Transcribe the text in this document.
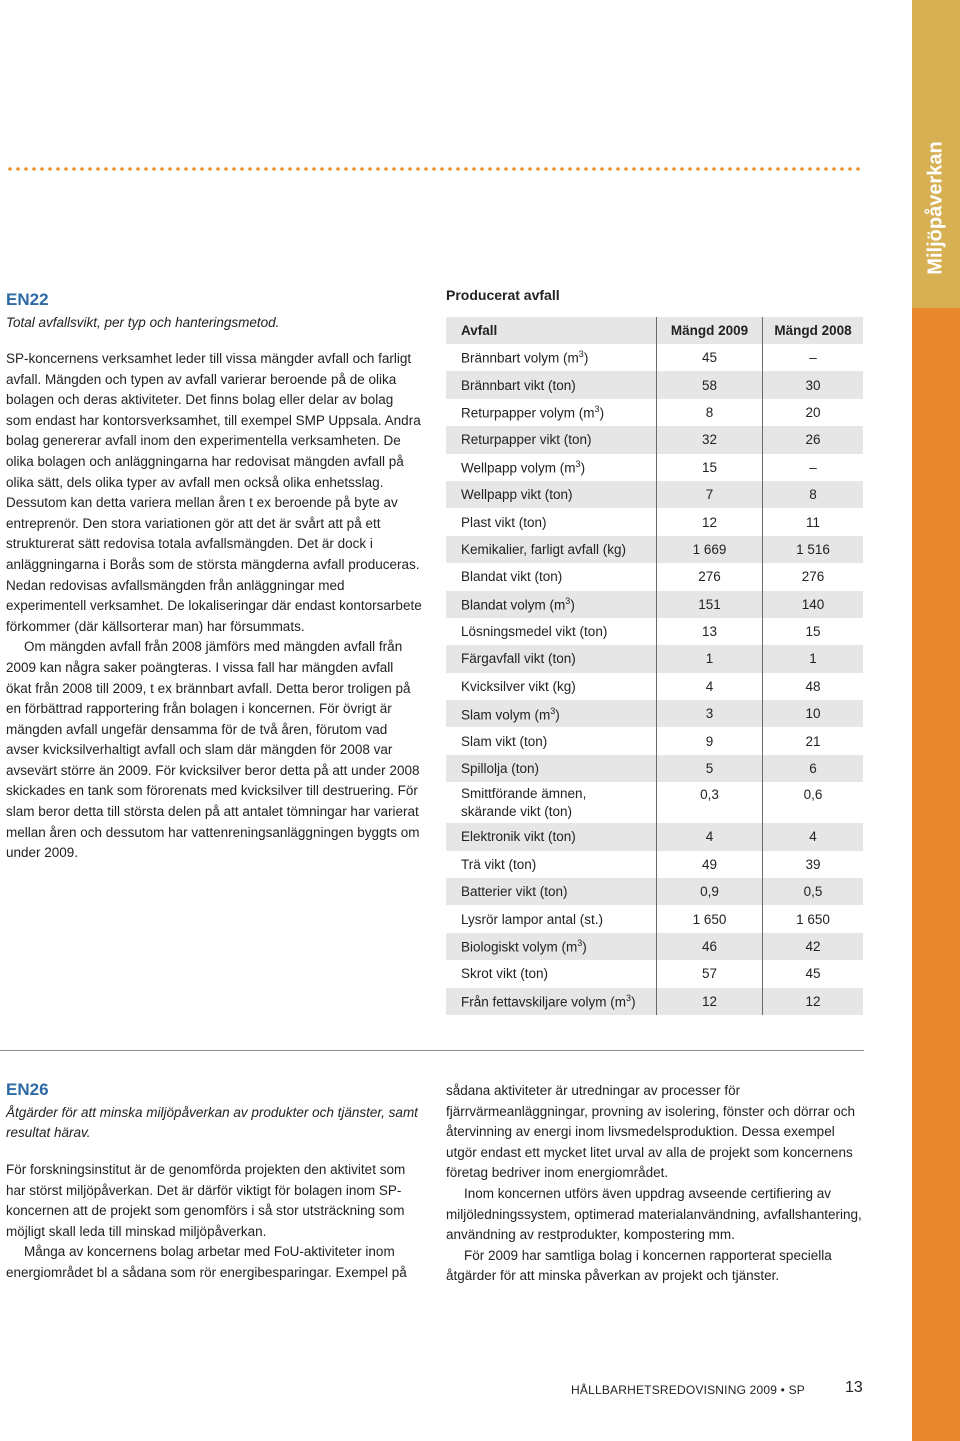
Miljöpåverkan
EN22
Total avfallsvikt, per typ och hanteringsmetod.

SP-koncernens verksamhet leder till vissa mängder avfall och farligt avfall. Mängden och typen av avfall varierar beroende på de olika bolagen och deras aktiviteter. Det finns bolag eller delar av bolag som endast har kontorsverksamhet, till exempel SMP Uppsala. Andra bolag genererar avfall inom den experimentella verksamheten. De olika bolagen och anläggningarna har redovisat mängden avfall på olika sätt, dels olika typer av avfall men också olika enhetsslag. Dessutom kan detta variera mellan åren t ex beroende på byte av entreprenör. Den stora variationen gör att det är svårt att på ett strukturerat sätt redovisa totala avfallsmängden. Det är dock i anläggningarna i Borås som de största mängderna avfall produceras. Nedan redovisas avfallsmängden från anläggningar med experimentell verksamhet. De lokaliseringar där endast kontorsarbete förkommer (där källsorterar man) har försummats.

Om mängden avfall från 2008 jämförs med mängden avfall från 2009 kan några saker poängteras. I vissa fall har mängden avfall ökat från 2008 till 2009, t ex brännbart avfall. Detta beror troligen på en förbättrad rapportering från bolagen i koncernen. För övrigt är mängden avfall ungefär densamma för de två åren, förutom vad avser kvicksilverhaltigt avfall och slam där mängden för 2008 var avsevärt större än 2009. För kvicksilver beror detta på att under 2008 skickades en tank som förorenats med kvicksilver till destruering. För slam beror detta till största delen på att antalet tömningar har varierat mellan åren och dessutom har vattenreningsanläggningen byggts om under 2009.

Producerat avfall
Avfall	Mängd 2009	Mängd 2008
Brännbart volym $(m^3)$	45	–
Brännbart vikt (ton)	58	30
Returpapper volym $(m^3)$	8	20
Returpapper vikt (ton)	32	26
Wellpapp volym $(m^3)$	15	–
Wellpapp vikt (ton)	7	8
Plast vikt (ton)	12	11
Kemikalier, farligt avfall (kg)	1 669	1 516
Blandat vikt (ton)	276	276
Blandat volym $(m^3)$	151	140
Lösningsmedel vikt (ton)	13	15
Färgavfall vikt (ton)	1	1
Kvicksilver vikt (kg)	4	48
Slam volym $(m^3)$	3	10
Slam vikt (ton)	9	21
Spillolja (ton)	5	6

Smittförande ämnen,
skärande vikt (ton)	0,3	0,6
Elektronik vikt (ton)	4	4
Trä vikt (ton)	49	39
Batterier vikt (ton)	0,9	0,5
Lysrör lampor antal (st.)	1 650	1 650
Biologiskt volym $(m^3)$	46	42
Skrot vikt (ton)	57	45
Från fettavskiljare volym $(m^3)$	12	12
EN26
Åtgärder för att minska miljöpåverkan av produkter och tjänster, samt resultat härav.

För forskningsinstitut är de genomförda projekten den aktivitet som har störst miljöpåverkan. Det är därför viktigt för bolagen inom SP-koncernen att de projekt som genomförs i så stor utsträckning som möjligt skall leda till minskad miljöpåverkan.

Många av koncernens bolag arbetar med FoU-aktiviteter inom energiområdet bl a sådana som rör energibesparingar. Exempel på

sådana aktiviteter är utredningar av processer för fjärrvärmeanläggningar, provning av isolering, fönster och dörrar och återvinning av energi inom livsmedelsproduktion. Dessa exempel utgör endast ett mycket litet urval av alla de projekt som koncernens företag bedriver inom energiområdet.

Inom koncernen utförs även uppdrag avseende certifiering av miljöledningssystem, optimerad materialanvändning, avfallshantering, användning av restprodukter, kompostering mm.

För 2009 har samtliga bolag i koncernen rapporterat speciella åtgärder för att minska påverkan av projekt och tjänster.

HÅLLBARHETSREDOVISNING 2009 • SP 13
